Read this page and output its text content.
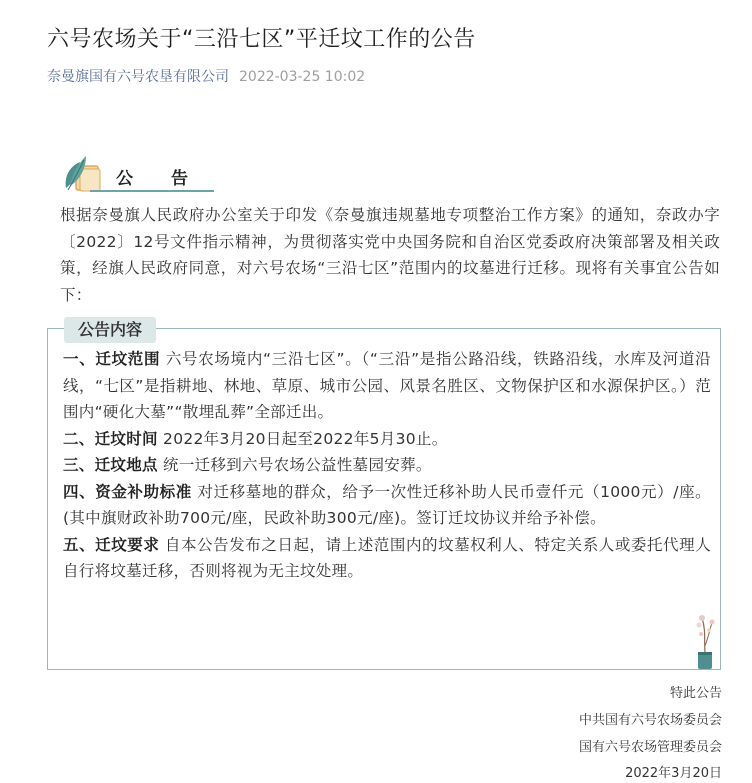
六号农场关于“三沿七区”平迁坟工作的公告
奈曼旗国有六号农垦有限公司 2022-03-25 10:02
公告
根据奈曼旗人民政府办公室关于印发《奈曼旗违规墓地专项整治工作方案》的通知，奈政办字〔2022〕12号文件指示精神，为贯彻落实党中央国务院和自治区党委政府决策部署及相关政策，经旗人民政府同意，对六号农场“三沿七区”范围内的坟墓进行迁移。现将有关事宜公告如下：
公告内容

一、迁坟范围 六号农场境内“三沿七区”。（“三沿”是指公路沿线，铁路沿线，水库及河道沿线，“七区”是指耕地、林地、草原、城市公园、风景名胜区、文物保护区和水源保护区。）范围内“硬化大墓”“散埋乱葬”全部迁出。

二、迁坟时间 2022年3月20日起至2022年5月30止。

三、迁坟地点 统一迁移到六号农场公益性墓园安葬。

四、资金补助标准 对迁移墓地的群众，给予一次性迁移补助人民币壹仟元（1000元）/座。(其中旗财政补助700元/座，民政补助300元/座)。签订迁坟协议并给予补偿。

五、迁坟要求 自本公告发布之日起，请上述范围内的坟墓权利人、特定关系人或委托代理人自行将坟墓迁移，否则将视为无主坟处理。

特此公告
中共国有六号农场委员会
国有六号农场管理委员会
2022年3月20日
